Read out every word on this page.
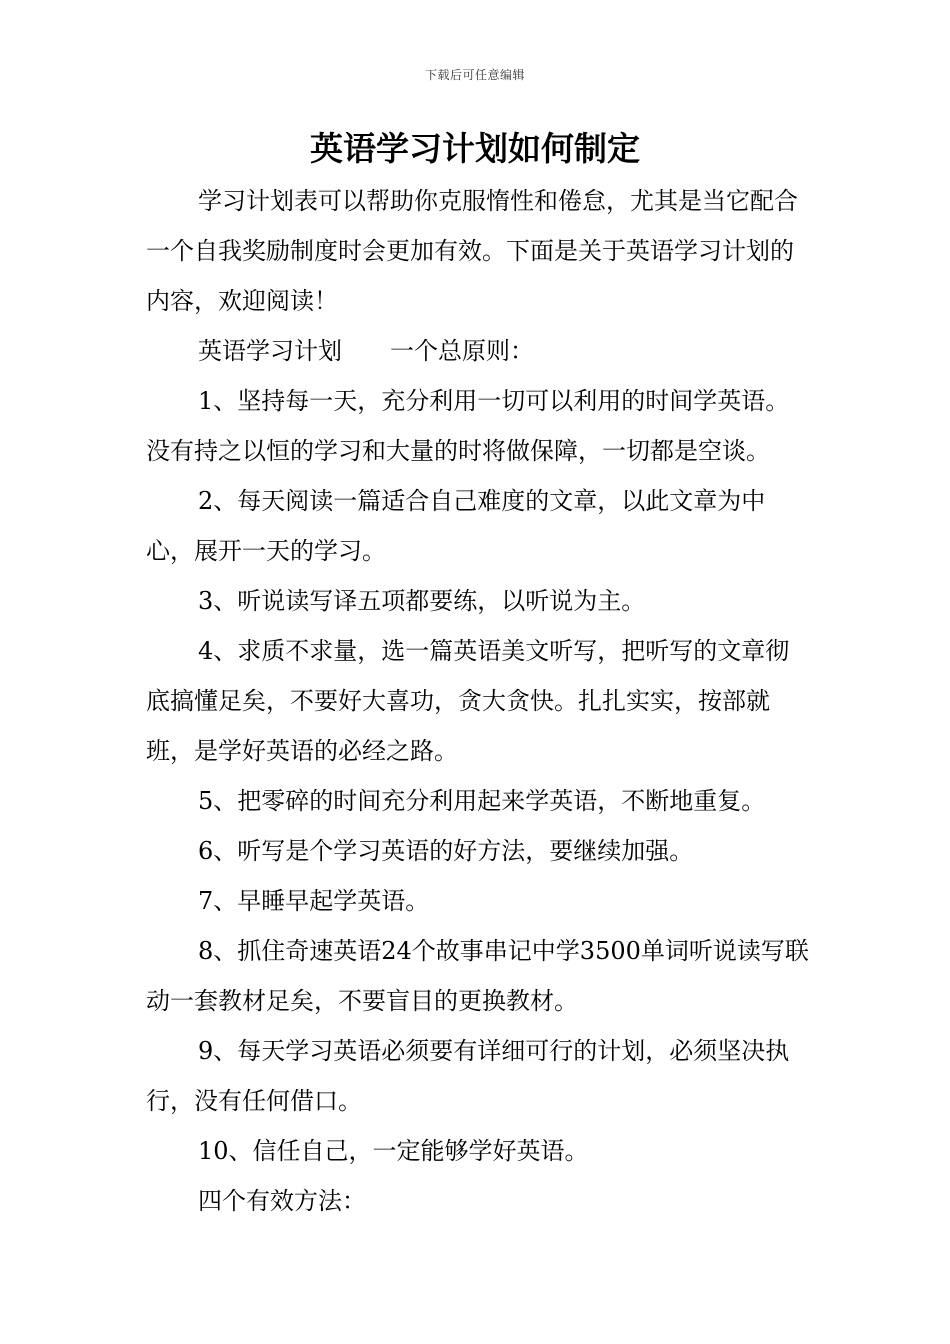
下载后可任意编辑
英语学习计划如何制定

学习计划表可以帮助你克服惰性和倦怠，尤其是当它配合一个自我奖励制度时会更加有效。下面是关于英语学习计划的内容，欢迎阅读！

英语学习计划　　一个总原则：

1、坚持每一天，充分利用一切可以利用的时间学英语。没有持之以恒的学习和大量的时将做保障，一切都是空谈。

2、每天阅读一篇适合自己难度的文章，以此文章为中心，展开一天的学习。

3、听说读写译五项都要练，以听说为主。

4、求质不求量，选一篇英语美文听写，把听写的文章彻底搞懂足矣，不要好大喜功，贪大贪快。扎扎实实，按部就班，是学好英语的必经之路。

5、把零碎的时间充分利用起来学英语，不断地重复。

6、听写是个学习英语的好方法，要继续加强。

7、早睡早起学英语。

8、抓住奇速英语24个故事串记中学3500单词听说读写联动一套教材足矣，不要盲目的更换教材。

9、每天学习英语必须要有详细可行的计划，必须坚决执行，没有任何借口。

10、信任自己，一定能够学好英语。

四个有效方法：
